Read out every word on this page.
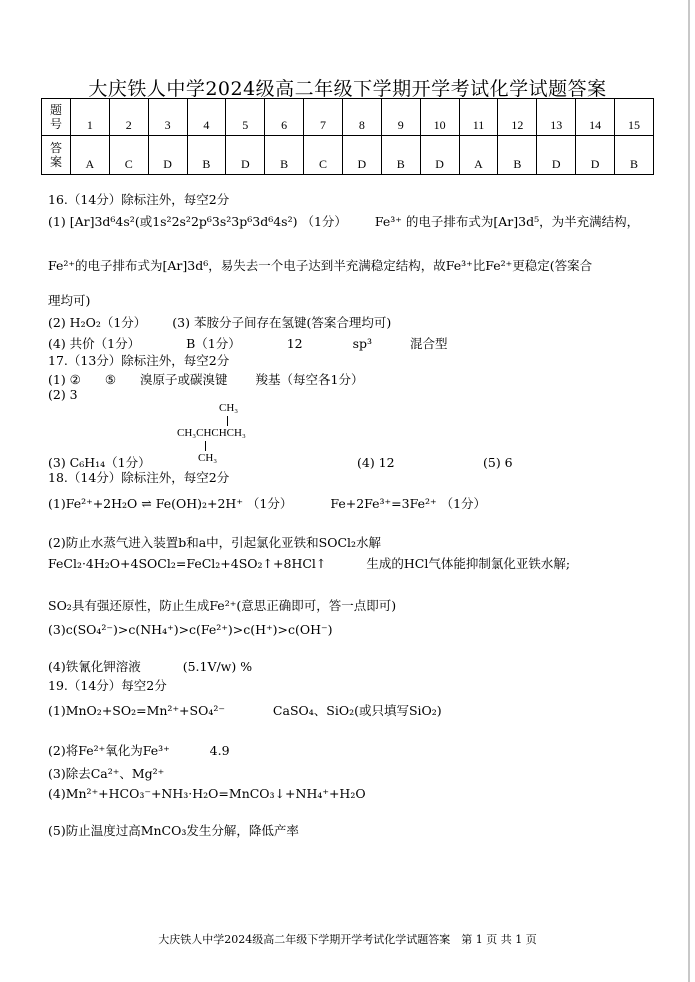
大庆铁人中学2024级高二年级下学期开学考试化学试题答案
题号	1	2	3	4	5	6	7	8	9	10	11	12	13	14	15
答案	A	C	D	B	D	B	C	D	B	D	A	B	D	D	B
16.（14分）除标注外，每空2分
(1) [Ar]3d⁶4s²(或1s²2s²2p⁶3s²3p⁶3d⁶4s²) （1分） Fe³⁺ 的电子排布式为[Ar]3d⁵，为半充满结构，
Fe²⁺的电子排布式为[Ar]3d⁶，易失去一个电子达到半充满稳定结构，故Fe³⁺比Fe²⁺更稳定(答案合
理均可)
(2) H₂O₂（1分） (3) 苯胺分子间存在氢键(答案合理均可)
(4) 共价（1分）	B（1分）	12	sp³	混合型
17.（13分）除标注外，每空2分
(1) ② ⑤ 溴原子或碳溴键 羧基（每空各1分）
(2) 3
CH₃
CH₃CHCHCH₃
CH₃
(3) C₆H₁₄（1分）	(4) 12	(5) 6
18.（14分）除标注外，每空2分
(1)Fe²⁺+2H₂O ⇌ Fe(OH)₂+2H⁺ （1分）	Fe+2Fe³⁺=3Fe²⁺ （1分）
(2)防止水蒸气进入装置b和a中，引起氯化亚铁和SOCl₂水解
FeCl₂·4H₂O+4SOCl₂=FeCl₂+4SO₂↑+8HCl↑	生成的HCl气体能抑制氯化亚铁水解;
SO₂具有强还原性，防止生成Fe²⁺(意思正确即可，答一点即可)
(3)c(SO₄²⁻)>c(NH₄⁺)>c(Fe²⁺)>c(H⁺)>c(OH⁻)
(4)铁氰化钾溶液	(5.1V/w) %
19.（14分）每空2分
(1)MnO₂+SO₂=Mn²⁺+SO₄²⁻	CaSO₄、SiO₂(或只填写SiO₂)
(2)将Fe²⁺氧化为Fe³⁺	4.9
(3)除去Ca²⁺、Mg²⁺
(4)Mn²⁺+HCO₃⁻+NH₃·H₂O=MnCO₃↓+NH₄⁺+H₂O
(5)防止温度过高MnCO₃发生分解，降低产率
大庆铁人中学2024级高二年级下学期开学考试化学试题答案　第 1 页 共 1 页
